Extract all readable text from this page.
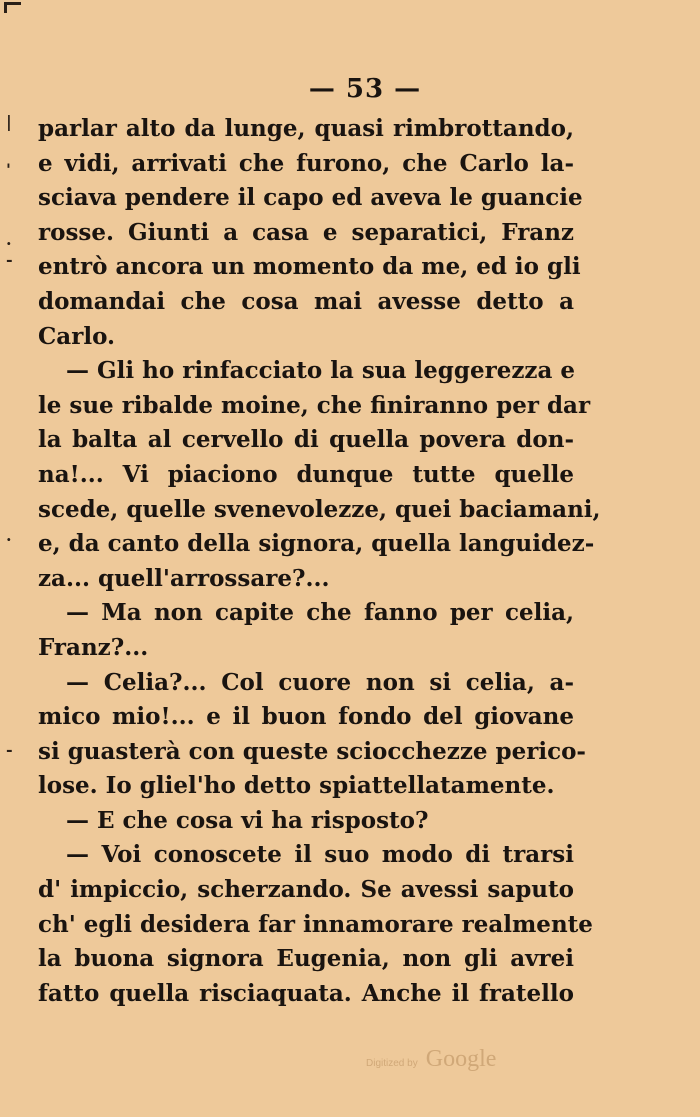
|
'
.
-
·
-
— 53 —
parlar alto da lunge, quasi rimbrottando,
e vidi, arrivati che furono, che Carlo la-
sciava pendere il capo ed aveva le guancie
rosse. Giunti a casa e separatici, Franz
entrò ancora un momento da me, ed io gli
domandai che cosa mai avesse detto a
Carlo.
— Gli ho rinfacciato la sua leggerezza e
le sue ribalde moine, che finiranno per dar
la balta al cervello di quella povera don-
na!... Vi piaciono dunque tutte quelle
scede, quelle svenevolezze, quei baciamani,
e, da canto della signora, quella languidez-
za... quell'arrossare?...
— Ma non capite che fanno per celia,
Franz?...
— Celia?... Col cuore non si celia, a-
mico mio!... e il buon fondo del giovane
si guasterà con queste sciocchezze perico-
lose. Io gliel'ho detto spiattellatamente.
— E che cosa vi ha risposto?
— Voi conoscete il suo modo di trarsi
d' impiccio, scherzando. Se avessi saputo
ch' egli desidera far innamorare realmente
la buona signora Eugenia, non gli avrei
fatto quella risciaquata. Anche il fratello
Digitized by Google
